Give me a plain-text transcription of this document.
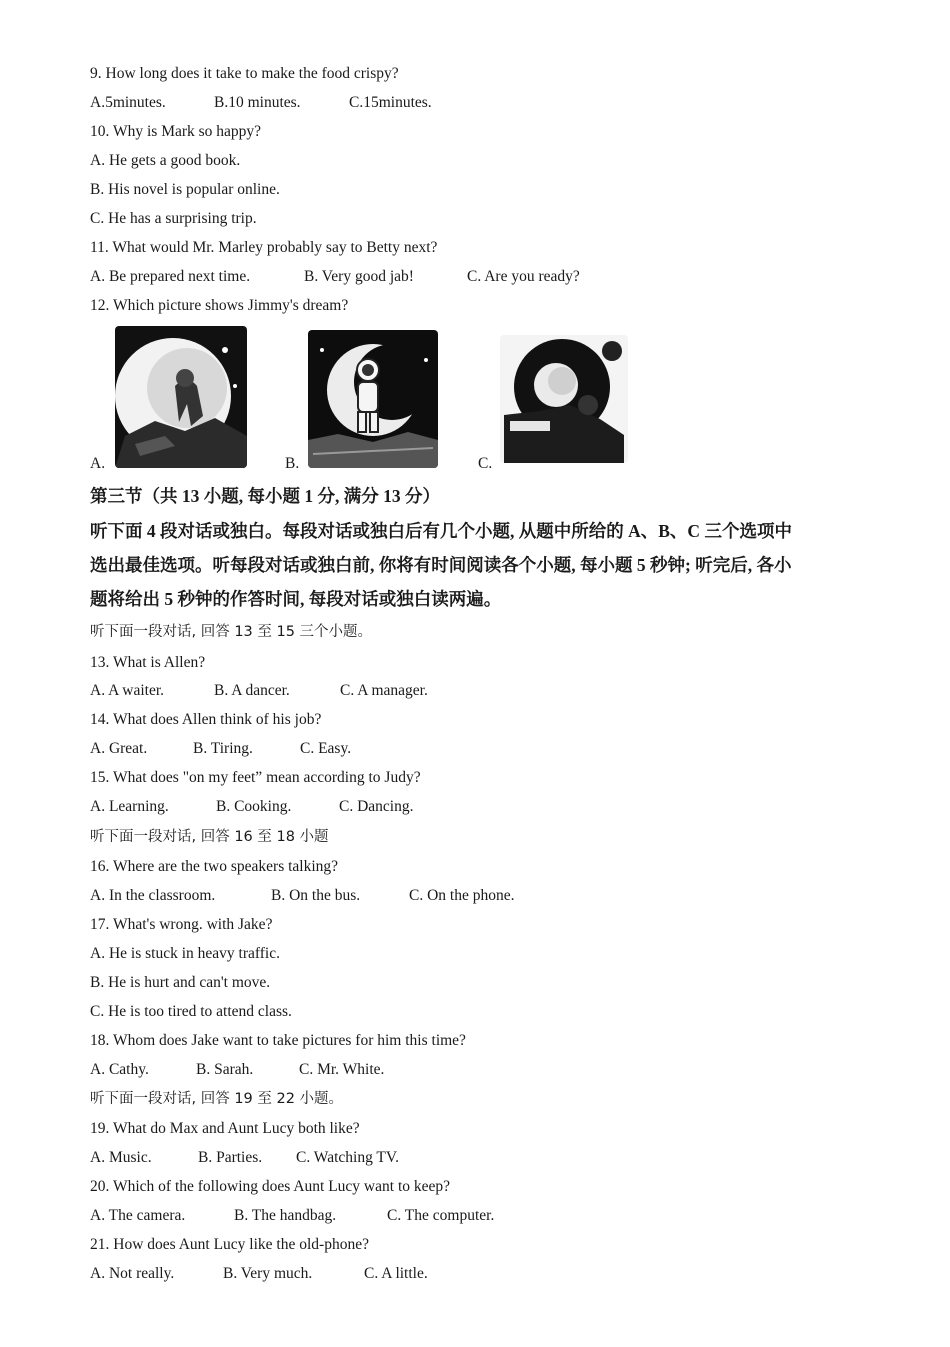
9. How long does it take to make the food crispy?
A.5minutes.	B.10 minutes.	C.15minutes.
10. Why is Mark so happy?
A. He gets a good book.
B. His novel is popular online.
C. He has a surprising trip.
11. What would Mr. Marley probably say to Betty next?
A. Be prepared next time.	B. Very good jab!	C. Are you ready?
12. Which picture shows Jimmy's dream?
A.	B.	C.
第三节（共 13 小题, 每小题 1 分, 满分 13 分）
听下面 4 段对话或独白。每段对话或独白后有几个小题, 从题中所给的 A、B、C 三个选项中
选出最佳选项。听每段对话或独白前, 你将有时间阅读各个小题, 每小题 5 秒钟; 听完后, 各小
题将给出 5 秒钟的作答时间, 每段对话或独白读两遍。
听下面一段对话, 回答 13 至 15 三个小题。
13. What is Allen?
A. A waiter.	B. A dancer.	C. A manager.
14. What does Allen think of his job?
A. Great.	B. Tiring.	C. Easy.
15. What does "on my feet” mean according to Judy?
A. Learning.	B. Cooking.	C. Dancing.
听下面一段对话, 回答 16 至 18 小题
16. Where are the two speakers talking?
A. In the classroom.	B. On the bus.	C. On the phone.
17. What's wrong. with Jake?
A. He is stuck in heavy traffic.
B. He is hurt and can't move.
C. He is too tired to attend class.
18. Whom does Jake want to take pictures for him this time?
A. Cathy.	B. Sarah.	C. Mr. White.
听下面一段对话, 回答 19 至 22 小题。
19. What do Max and Aunt Lucy both like?
A. Music.	B. Parties. C. Watching TV.
20. Which of the following does Aunt Lucy want to keep?
A. The camera.	B. The handbag.	C. The computer.
21. How does Aunt Lucy like the old-phone?
A. Not really.	B. Very much.	C. A little.
